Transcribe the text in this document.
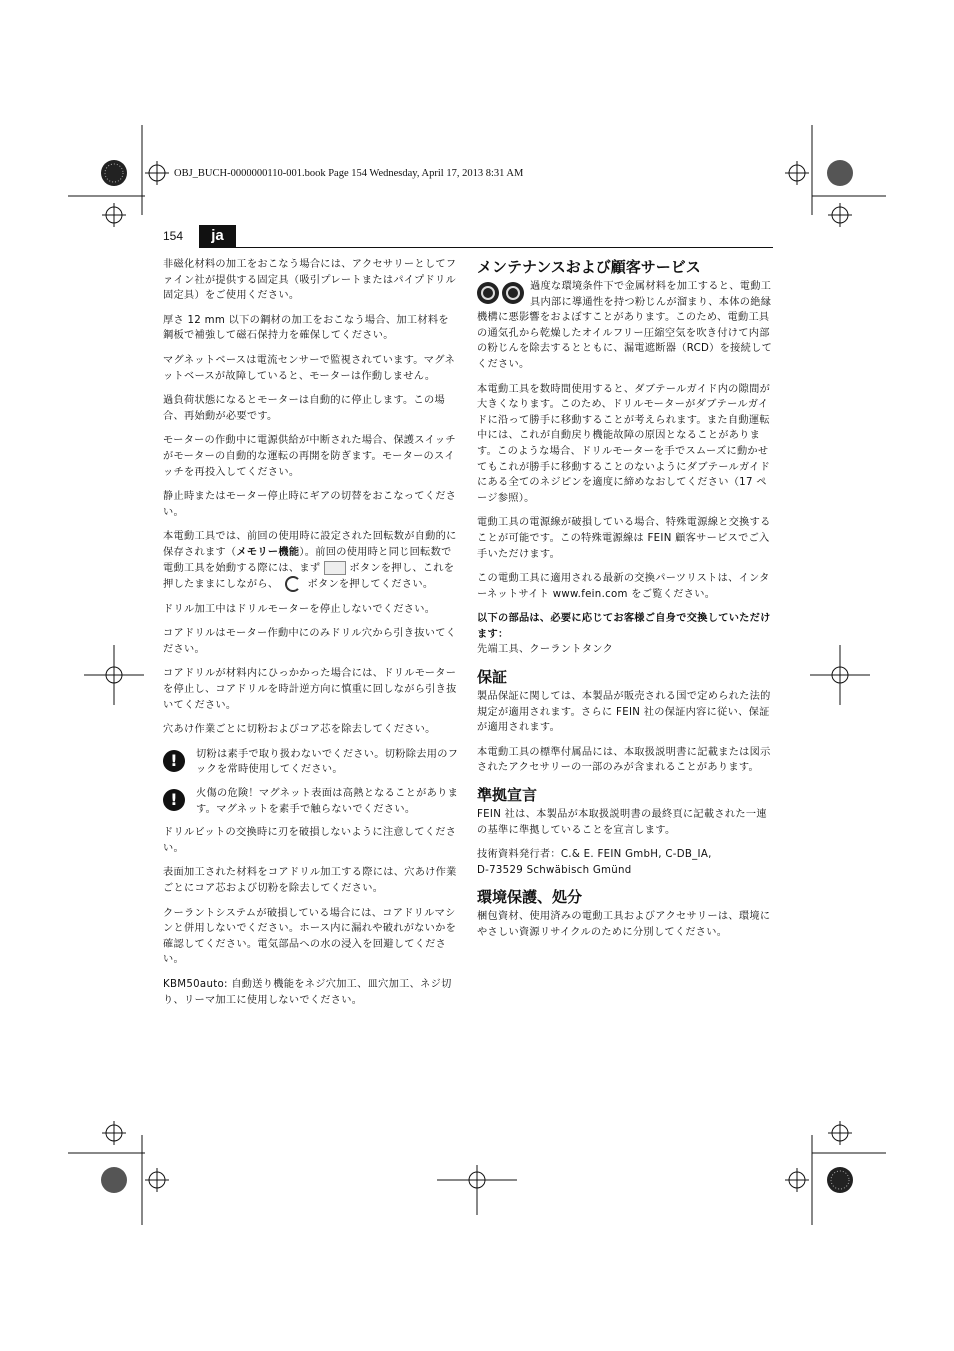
OBJ_BUCH-0000000110-001.book Page 154 Wednesday, April 17, 2013 8:31 AM
154	ja

非磁化材料の加工をおこなう場合には、アクセサリーとしてファイン社が提供する固定具（吸引プレートまたはパイプドリル固定具）をご使用ください。

厚さ 12 mm 以下の鋼材の加工をおこなう場合、加工材料を鋼板で補強して磁石保持力を確保してください。

マグネットベースは電流センサーで監視されています。マグネットベースが故障していると、モーターは作動しません。

過負荷状態になるとモーターは自動的に停止します。この場合、再始動が必要です。

モーターの作動中に電源供給が中断された場合、保護スイッチがモーターの自動的な運転の再開を防ぎます。モーターのスイッチを再投入してください。

静止時またはモーター停止時にギアの切替をおこなってください。

本電動工具では、前回の使用時に設定された回転数が自動的に保存されます（メモリー機能）。前回の使用時と同じ回転数で電動工具を始動する際には、まず	ボタンを押し、これを押したままにしながら、	ボタンを押してください。

ドリル加工中はドリルモーターを停止しないでください。

コアドリルはモーター作動中にのみドリル穴から引き抜いてください。

コアドリルが材料内にひっかかった場合には、ドリルモーターを停止し、コアドリルを時計逆方向に慎重に回しながら引き抜いてください。

穴あけ作業ごとに切粉およびコア芯を除去してください。

!	切粉は素手で取り扱わないでください。切粉除去用のフックを常時使用してください。
!	火傷の危険！マグネット表面は高熱となることがあります。マグネットを素手で触らないでください。

ドリルビットの交換時に刃を破損しないように注意してください。

表面加工された材料をコアドリル加工する際には、穴あけ作業ごとにコア芯および切粉を除去してください。

クーラントシステムが破損している場合には、コアドリルマシンと併用しないでください。ホース内に漏れや破れがないかを確認してください。電気部品への水の浸入を回避してください。

KBM50auto: 自動送り機能をネジ穴加工、皿穴加工、ネジ切り、リーマ加工に使用しないでください。

メンテナンスおよび顧客サービス

過度な環境条件下で金属材料を加工すると、電動工具内部に導通性を持つ粉じんが溜まり、本体の絶縁機構に悪影響をおよぼすことがあります。このため、電動工具の通気孔から乾燥したオイルフリー圧縮空気を吹き付けて内部の粉じんを除去するとともに、漏電遮断器（RCD）を接続してください。

本電動工具を数時間使用すると、ダブテールガイド内の隙間が大きくなります。このため、ドリルモーターがダブテールガイドに沿って勝手に移動することが考えられます。また自動運転中には、これが自動戻り機能故障の原因となることがあります。このような場合、ドリルモーターを手でスムーズに動かせてもこれが勝手に移動することのないようにダブテールガイドにある全てのネジピンを適度に締めなおしてください（17 ページ参照）。

電動工具の電源線が破損している場合、特殊電源線と交換することが可能です。この特殊電源線は FEIN 顧客サービスでご入手いただけます。

この電動工具に適用される最新の交換パーツリストは、インターネットサイト www.fein.com をご覧ください。

以下の部品は、必要に応じてお客様ご自身で交換していただけます：
先端工具、クーラントタンク

保証

製品保証に関しては、本製品が販売される国で定められた法的規定が適用されます。さらに FEIN 社の保証内容に従い、保証が適用されます。

本電動工具の標準付属品には、本取扱説明書に記載または図示されたアクセサリーの一部のみが含まれることがあります。

準拠宣言

FEIN 社は、本製品が本取扱説明書の最終頁に記載された一連の基準に準拠していることを宣言します。

技術資料発行者：C.& E. FEIN GmbH, C-DB_IA,
D-73529 Schwäbisch Gmünd

環境保護、処分

梱包資材、使用済みの電動工具およびアクセサリーは、環境にやさしい資源リサイクルのために分別してください。
